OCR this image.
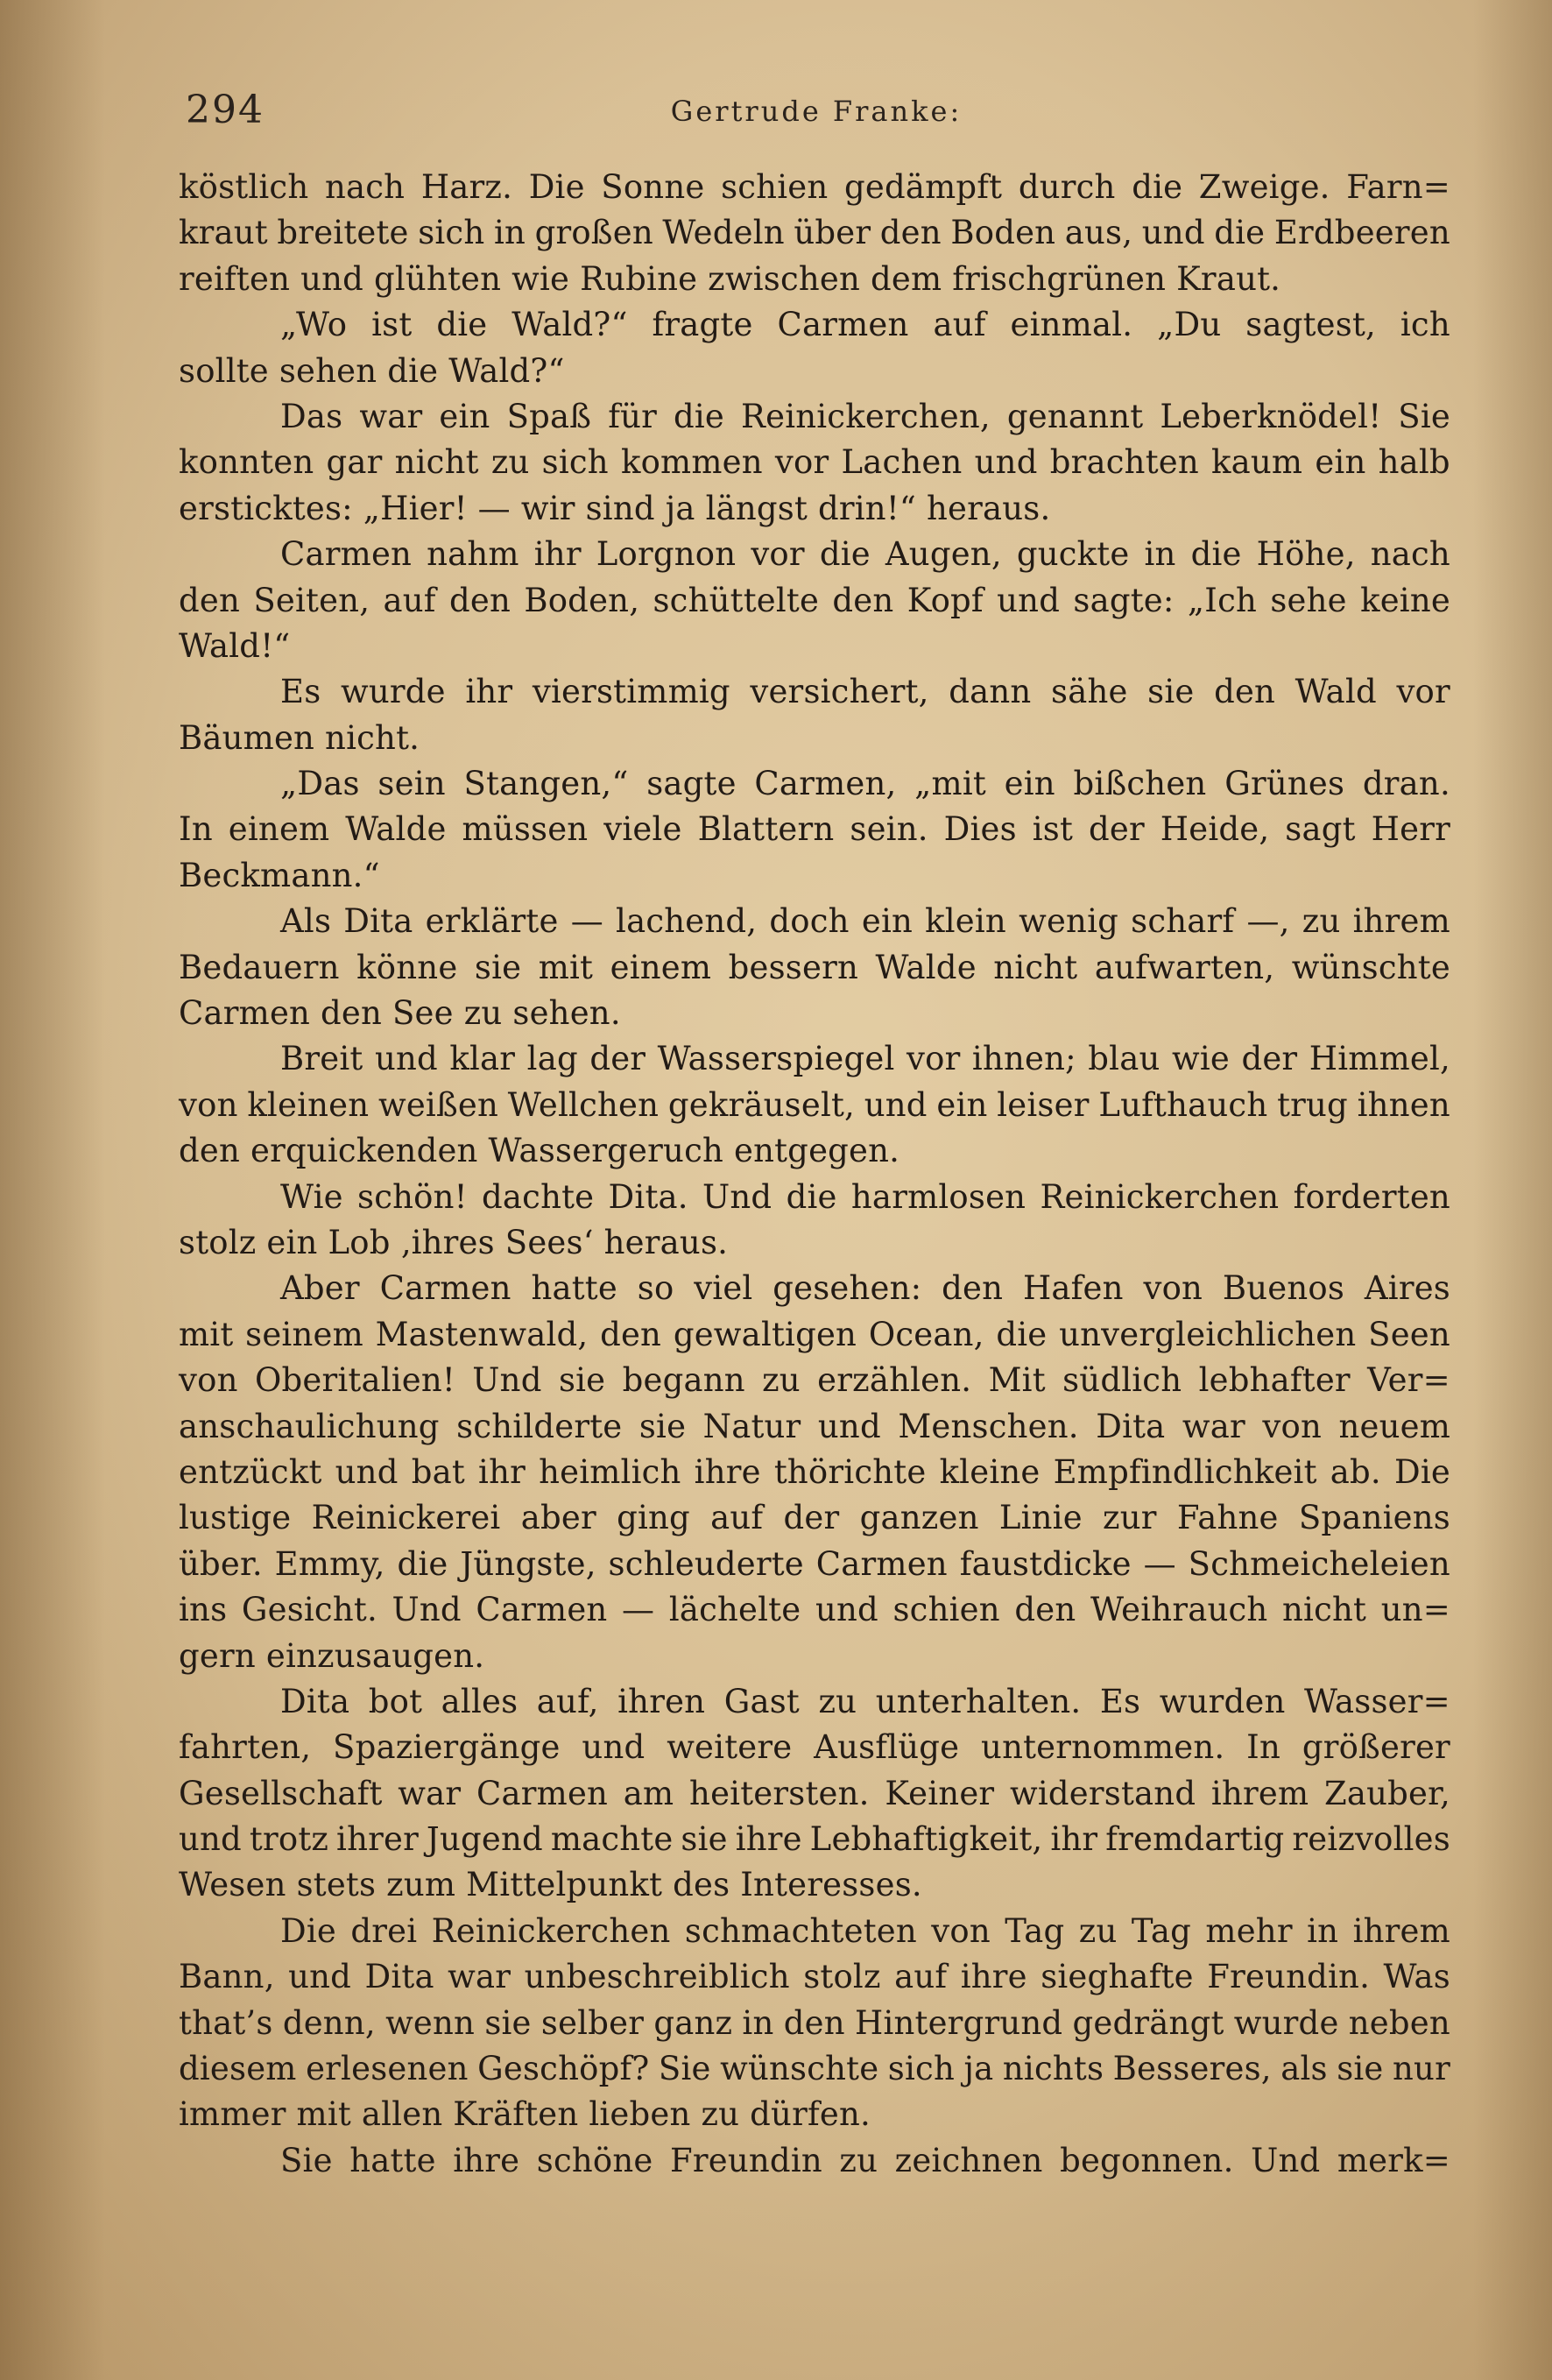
294	Gertrude Franke:
köstlich nach Harz. Die Sonne schien gedämpft durch die Zweige. Farn=
kraut breitete sich in großen Wedeln über den Boden aus, und die Erdbeeren
reiften und glühten wie Rubine zwischen dem frischgrünen Kraut.
„Wo ist die Wald?“ fragte Carmen auf einmal. „Du sagtest, ich
sollte sehen die Wald?“
Das war ein Spaß für die Reinickerchen, genannt Leberknödel! Sie
konnten gar nicht zu sich kommen vor Lachen und brachten kaum ein halb
ersticktes: „Hier! — wir sind ja längst drin!“ heraus.
Carmen nahm ihr Lorgnon vor die Augen, guckte in die Höhe, nach
den Seiten, auf den Boden, schüttelte den Kopf und sagte: „Ich sehe keine
Wald!“
Es wurde ihr vierstimmig versichert, dann sähe sie den Wald vor
Bäumen nicht.
„Das sein Stangen,“ sagte Carmen, „mit ein bißchen Grünes dran.
In einem Walde müssen viele Blattern sein. Dies ist der Heide, sagt Herr
Beckmann.“
Als Dita erklärte — lachend, doch ein klein wenig scharf —, zu ihrem
Bedauern könne sie mit einem bessern Walde nicht aufwarten, wünschte
Carmen den See zu sehen.
Breit und klar lag der Wasserspiegel vor ihnen; blau wie der Himmel,
von kleinen weißen Wellchen gekräuselt, und ein leiser Lufthauch trug ihnen
den erquickenden Wassergeruch entgegen.
Wie schön! dachte Dita. Und die harmlosen Reinickerchen forderten
stolz ein Lob ‚ihres Sees‘ heraus.
Aber Carmen hatte so viel gesehen: den Hafen von Buenos Aires
mit seinem Mastenwald, den gewaltigen Ocean, die unvergleichlichen Seen
von Oberitalien! Und sie begann zu erzählen. Mit südlich lebhafter Ver=
anschaulichung schilderte sie Natur und Menschen. Dita war von neuem
entzückt und bat ihr heimlich ihre thörichte kleine Empfindlichkeit ab. Die
lustige Reinickerei aber ging auf der ganzen Linie zur Fahne Spaniens
über. Emmy, die Jüngste, schleuderte Carmen faustdicke — Schmeicheleien
ins Gesicht. Und Carmen — lächelte und schien den Weihrauch nicht un=
gern einzusaugen.
Dita bot alles auf, ihren Gast zu unterhalten. Es wurden Wasser=
fahrten, Spaziergänge und weitere Ausflüge unternommen. In größerer
Gesellschaft war Carmen am heitersten. Keiner widerstand ihrem Zauber,
und trotz ihrer Jugend machte sie ihre Lebhaftigkeit, ihr fremdartig reizvolles
Wesen stets zum Mittelpunkt des Interesses.
Die drei Reinickerchen schmachteten von Tag zu Tag mehr in ihrem
Bann, und Dita war unbeschreiblich stolz auf ihre sieghafte Freundin. Was
that’s denn, wenn sie selber ganz in den Hintergrund gedrängt wurde neben
diesem erlesenen Geschöpf? Sie wünschte sich ja nichts Besseres, als sie nur
immer mit allen Kräften lieben zu dürfen.
Sie hatte ihre schöne Freundin zu zeichnen begonnen. Und merk=
